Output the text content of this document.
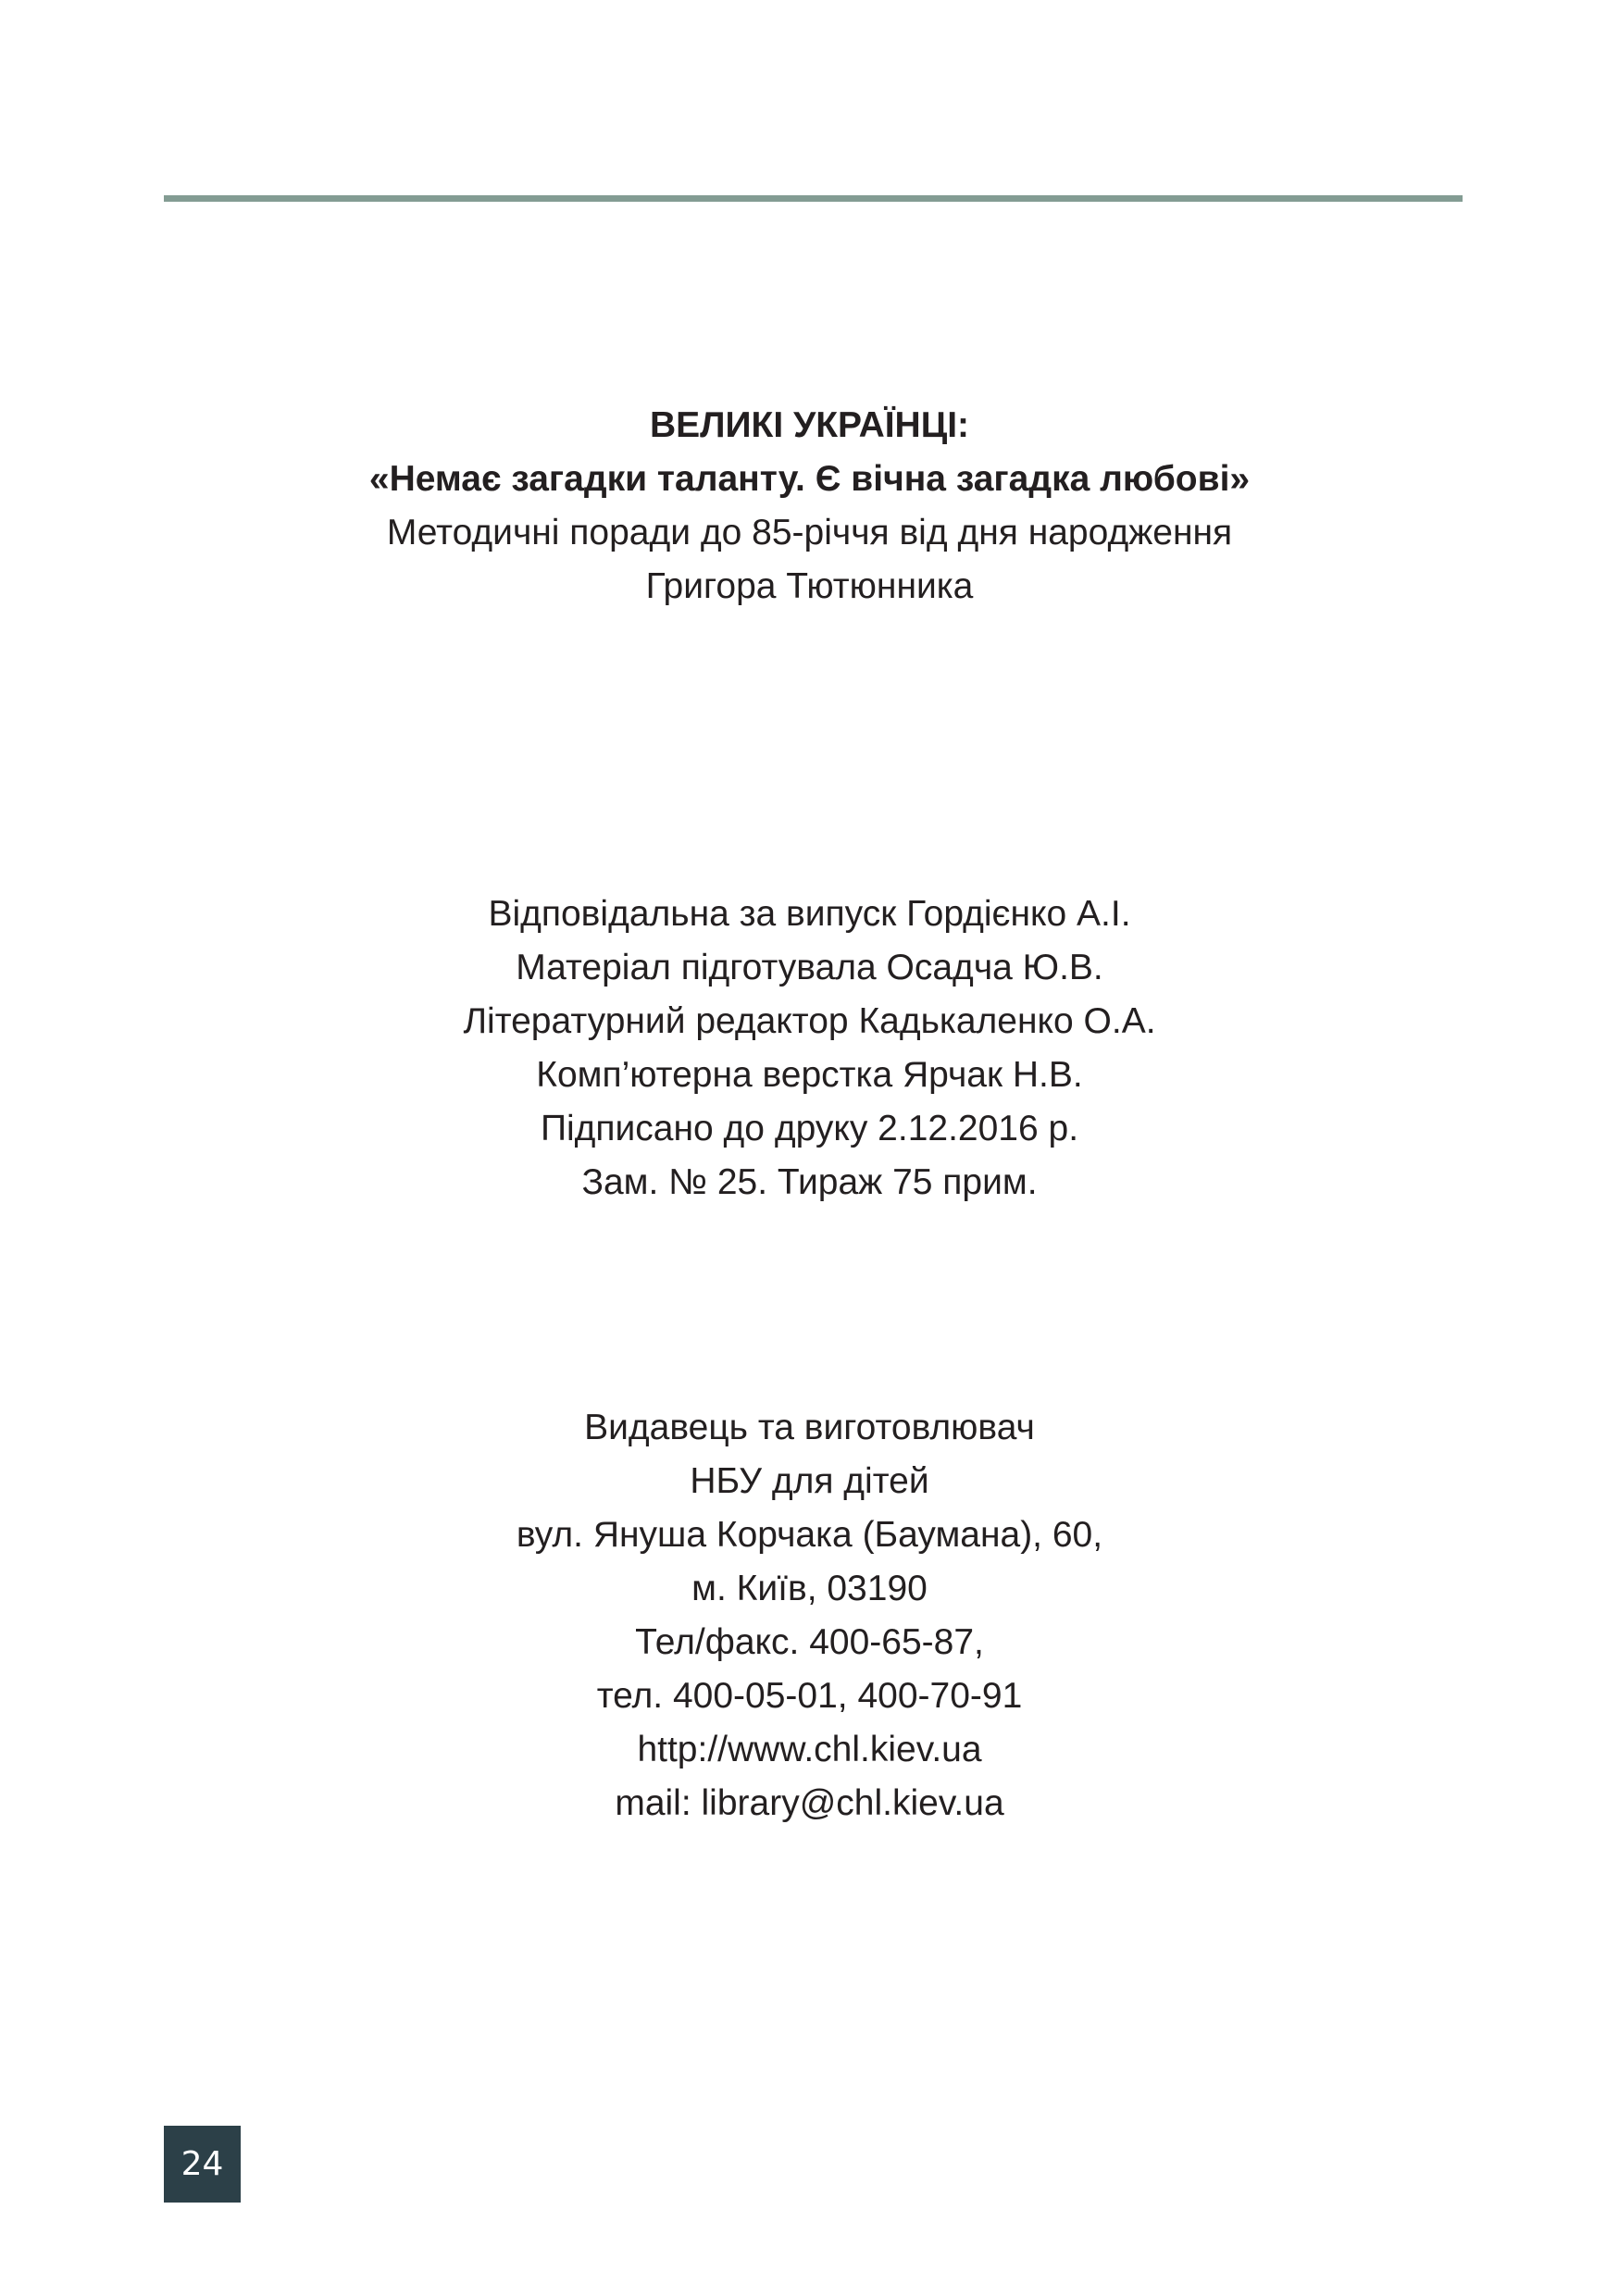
ВЕЛИКІ УКРАЇНЦІ:
«Немає загадки таланту. Є вічна загадка любові»
Методичні поради до 85-річчя від дня народження
Григора Тютюнника
Відповідальна за випуск Гордієнко А.І.
Матеріал підготувала Осадча Ю.В.
Літературний редактор Кадькаленко О.А.
Комп’ютерна верстка Ярчак Н.В.
Підписано до друку 2.12.2016 р.
Зам. № 25. Тираж 75 прим.
Видавець та виготовлювач
НБУ для дітей
вул. Януша Корчака (Баумана), 60,
м. Київ, 03190
Тел/факс. 400-65-87,
тел. 400-05-01, 400-70-91
http://www.chl.kiev.ua
mail: library@chl.kiev.ua
24
